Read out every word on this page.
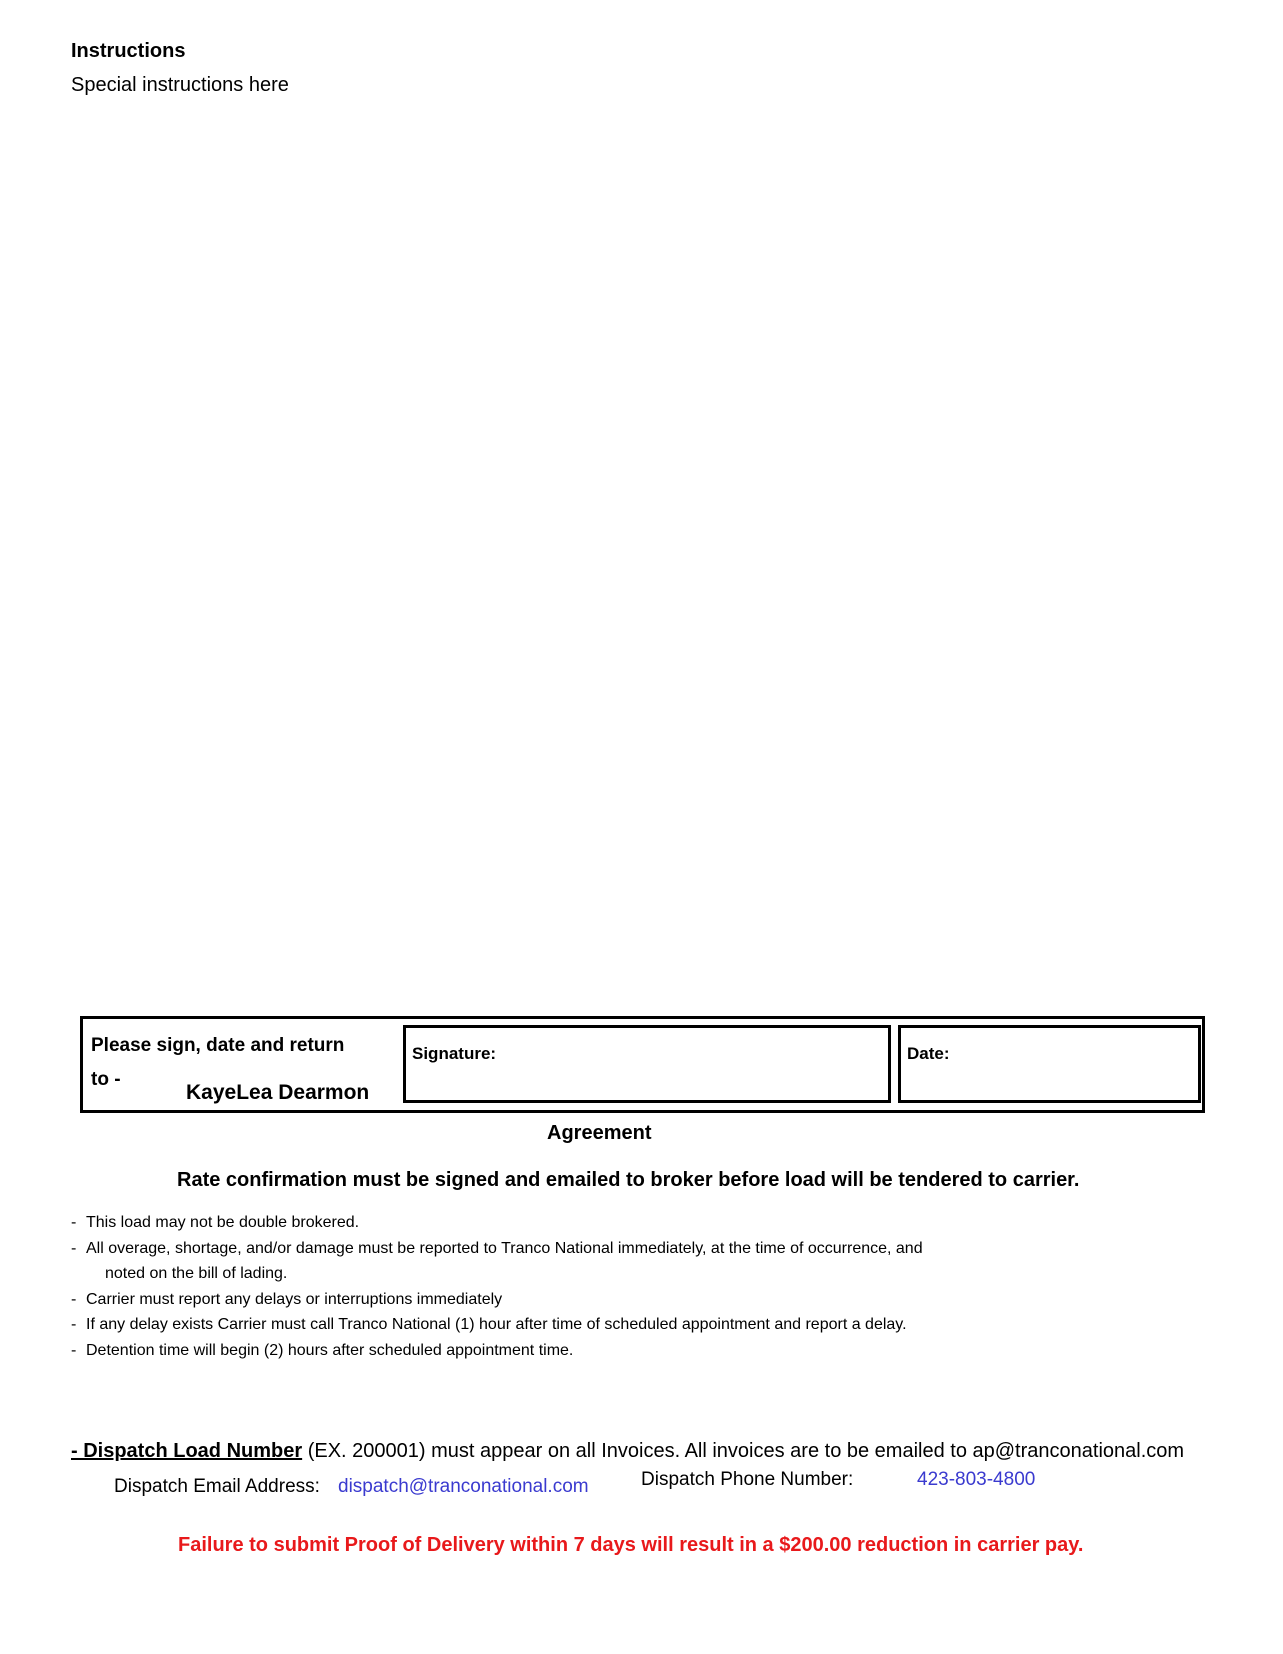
Instructions
Special instructions here
Please sign, date and return
to -
KayeLea Dearmon
Signature:	Date:
Agreement
Rate confirmation must be signed and emailed to broker before load will be tendered to carrier.
- This load may not be double brokered.
- All overage, shortage, and/or damage must be reported to Tranco National immediately, at the time of occurrence, and
noted on the bill of lading.
- Carrier must report any delays or interruptions immediately
- If any delay exists Carrier must call Tranco National (1) hour after time of scheduled appointment and report a delay.
- Detention time will begin (2) hours after scheduled appointment time.
- Dispatch Load Number (EX. 200001) must appear on all Invoices. All invoices are to be emailed to ap@tranconational.com
Dispatch Email Address: dispatch@tranconational.com	Dispatch Phone Number:	423-803-4800
Failure to submit Proof of Delivery within 7 days will result in a $200.00 reduction in carrier pay.
